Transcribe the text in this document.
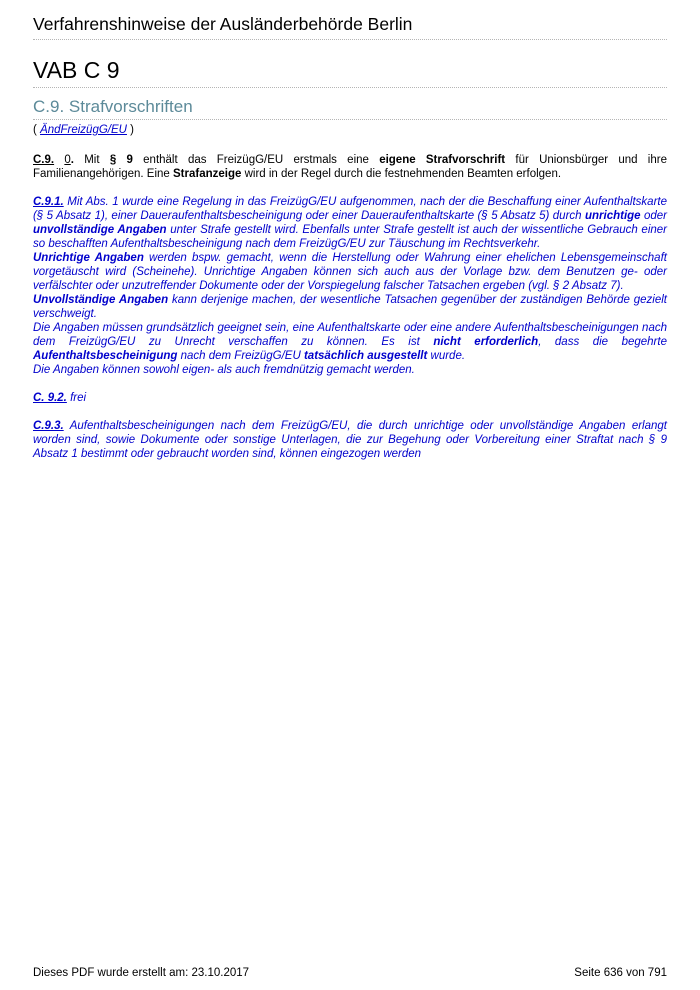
Verfahrenshinweise der Ausländerbehörde Berlin
VAB C 9
C.9. Strafvorschriften
( ÄndFreizügG/EU )

C.9. 0. Mit § 9 enthält das FreizügG/EU erstmals eine eigene Strafvorschrift für Unionsbürger und ihre Familienangehörigen. Eine Strafanzeige wird in der Regel durch die festnehmenden Beamten erfolgen.

C.9.1. Mit Abs. 1 wurde eine Regelung in das FreizügG/EU aufgenommen, nach der die Beschaffung einer Aufenthaltskarte (§ 5 Absatz 1), einer Daueraufenthaltsbescheinigung oder einer Daueraufenthaltskarte (§ 5 Absatz 5) durch unrichtige oder unvollständige Angaben unter Strafe gestellt wird. Ebenfalls unter Strafe gestellt ist auch der wissentliche Gebrauch einer so beschafften Aufenthaltsbescheinigung nach dem FreizügG/EU zur Täuschung im Rechtsverkehr.

Unrichtige Angaben werden bspw. gemacht, wenn die Herstellung oder Wahrung einer ehelichen Lebensgemeinschaft vorgetäuscht wird (Scheinehe). Unrichtige Angaben können sich auch aus der Vorlage bzw. dem Benutzen ge- oder verfälschter oder unzutreffender Dokumente oder der Vorspiegelung falscher Tatsachen ergeben (vgl. § 2 Absatz 7).

Unvollständige Angaben kann derjenige machen, der wesentliche Tatsachen gegenüber der zuständigen Behörde gezielt verschweigt.

Die Angaben müssen grundsätzlich geeignet sein, eine Aufenthaltskarte oder eine andere Aufenthaltsbescheinigungen nach dem FreizügG/EU zu Unrecht verschaffen zu können. Es ist nicht erforderlich, dass die begehrte Aufenthaltsbescheinigung nach dem FreizügG/EU tatsächlich ausgestellt wurde.

Die Angaben können sowohl eigen- als auch fremdnützig gemacht werden.

C. 9.2. frei

C.9.3. Aufenthaltsbescheinigungen nach dem FreizügG/EU, die durch unrichtige oder unvollständige Angaben erlangt worden sind, sowie Dokumente oder sonstige Unterlagen, die zur Begehung oder Vorbereitung einer Straftat nach § 9 Absatz 1 bestimmt oder gebraucht worden sind, können eingezogen werden

Dieses PDF wurde erstellt am: 23.10.2017	Seite 636 von 791
